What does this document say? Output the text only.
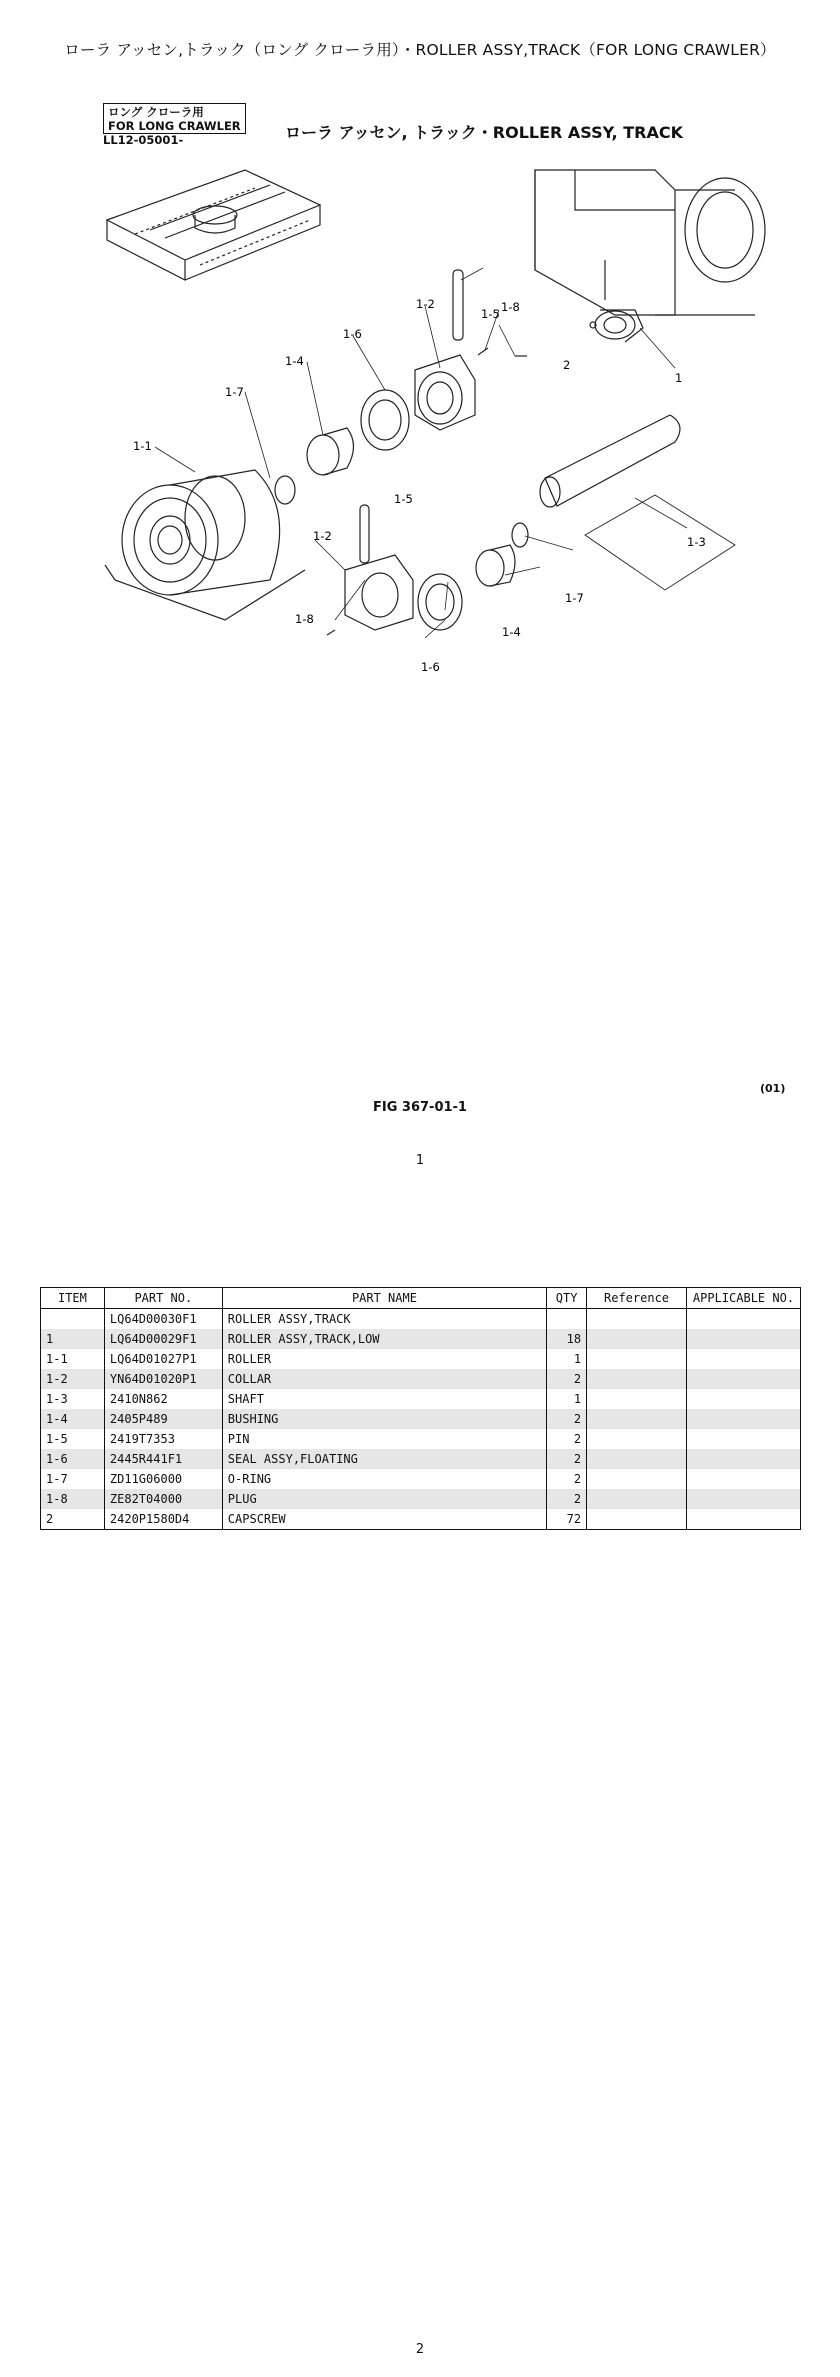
ローラ アッセン,トラック（ロング クローラ用）・ROLLER ASSY,TRACK（FOR LONG CRAWLER）
ロング クローラ用
FOR LONG CRAWLER
LL12-05001-	ローラ アッセン, トラック・ROLLER ASSY, TRACK
1-1
1-2
1-3
1-4
1-5
1-6
1-7
1-8
1-2
1-4
1-5
1-6
1-7
1-8
1
2
(01)
FIG 367-01-1
1
ITEM	PART NO.	PART NAME	QTY	Reference	APPLICABLE NO.
	LQ64D00030F1	ROLLER ASSY,TRACK			
1	LQ64D00029F1	ROLLER ASSY,TRACK,LOW	18		
1-1	LQ64D01027P1	ROLLER	1		
1-2	YN64D01020P1	COLLAR	2		
1-3	2410N862	SHAFT	1		
1-4	2405P489	BUSHING	2		
1-5	2419T7353	PIN	2		
1-6	2445R441F1	SEAL ASSY,FLOATING	2		
1-7	ZD11G06000	O-RING	2		
1-8	ZE82T04000	PLUG	2		
2	2420P1580D4	CAPSCREW	72		
2
